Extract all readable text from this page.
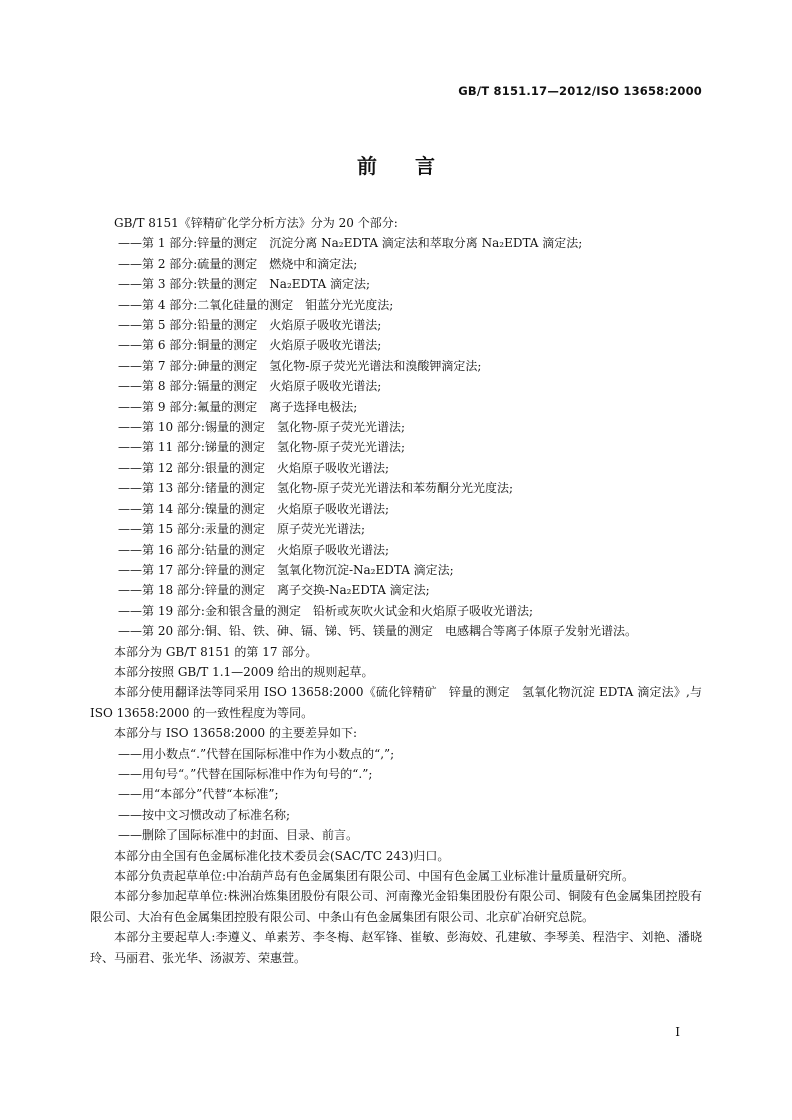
GB/T 8151.17—2012/ISO 13658:2000
前言

GB/T 8151《锌精矿化学分析方法》分为 20 个部分:

——第 1 部分:锌量的测定　沉淀分离 Na₂EDTA 滴定法和萃取分离 Na₂EDTA 滴定法;

——第 2 部分:硫量的测定　燃烧中和滴定法;

——第 3 部分:铁量的测定　Na₂EDTA 滴定法;

——第 4 部分:二氧化硅量的测定　钼蓝分光光度法;

——第 5 部分:铅量的测定　火焰原子吸收光谱法;

——第 6 部分:铜量的测定　火焰原子吸收光谱法;

——第 7 部分:砷量的测定　氢化物-原子荧光光谱法和溴酸钾滴定法;

——第 8 部分:镉量的测定　火焰原子吸收光谱法;

——第 9 部分:氟量的测定　离子选择电极法;

——第 10 部分:锡量的测定　氢化物-原子荧光光谱法;

——第 11 部分:锑量的测定　氢化物-原子荧光光谱法;

——第 12 部分:银量的测定　火焰原子吸收光谱法;

——第 13 部分:锗量的测定　氢化物-原子荧光光谱法和苯芴酮分光光度法;

——第 14 部分:镍量的测定　火焰原子吸收光谱法;

——第 15 部分:汞量的测定　原子荧光光谱法;

——第 16 部分:钴量的测定　火焰原子吸收光谱法;

——第 17 部分:锌量的测定　氢氧化物沉淀-Na₂EDTA 滴定法;

——第 18 部分:锌量的测定　离子交换-Na₂EDTA 滴定法;

——第 19 部分:金和银含量的测定　铅析或灰吹火试金和火焰原子吸收光谱法;

——第 20 部分:铜、铅、铁、砷、镉、锑、钙、镁量的测定　电感耦合等离子体原子发射光谱法。

本部分为 GB/T 8151 的第 17 部分。

本部分按照 GB/T 1.1—2009 给出的规则起草。

本部分使用翻译法等同采用 ISO 13658:2000《硫化锌精矿　锌量的测定　氢氧化物沉淀 EDTA 滴定法》,与 ISO 13658:2000 的一致性程度为等同。

本部分与 ISO 13658:2000 的主要差异如下:

——用小数点“.”代替在国际标准中作为小数点的“,”;

——用句号“。”代替在国际标准中作为句号的“.”;

——用“本部分”代替“本标准”;

——按中文习惯改动了标准名称;

——删除了国际标准中的封面、目录、前言。

本部分由全国有色金属标准化技术委员会(SAC/TC 243)归口。

本部分负责起草单位:中冶葫芦岛有色金属集团有限公司、中国有色金属工业标准计量质量研究所。

本部分参加起草单位:株洲冶炼集团股份有限公司、河南豫光金铅集团股份有限公司、铜陵有色金属集团控股有限公司、大冶有色金属集团控股有限公司、中条山有色金属集团有限公司、北京矿冶研究总院。

本部分主要起草人:李遵义、单素芳、李冬梅、赵军锋、崔敏、彭海姣、孔建敏、李琴美、程浩宇、刘艳、潘晓玲、马丽君、张光华、汤淑芳、荣惠萱。

I
